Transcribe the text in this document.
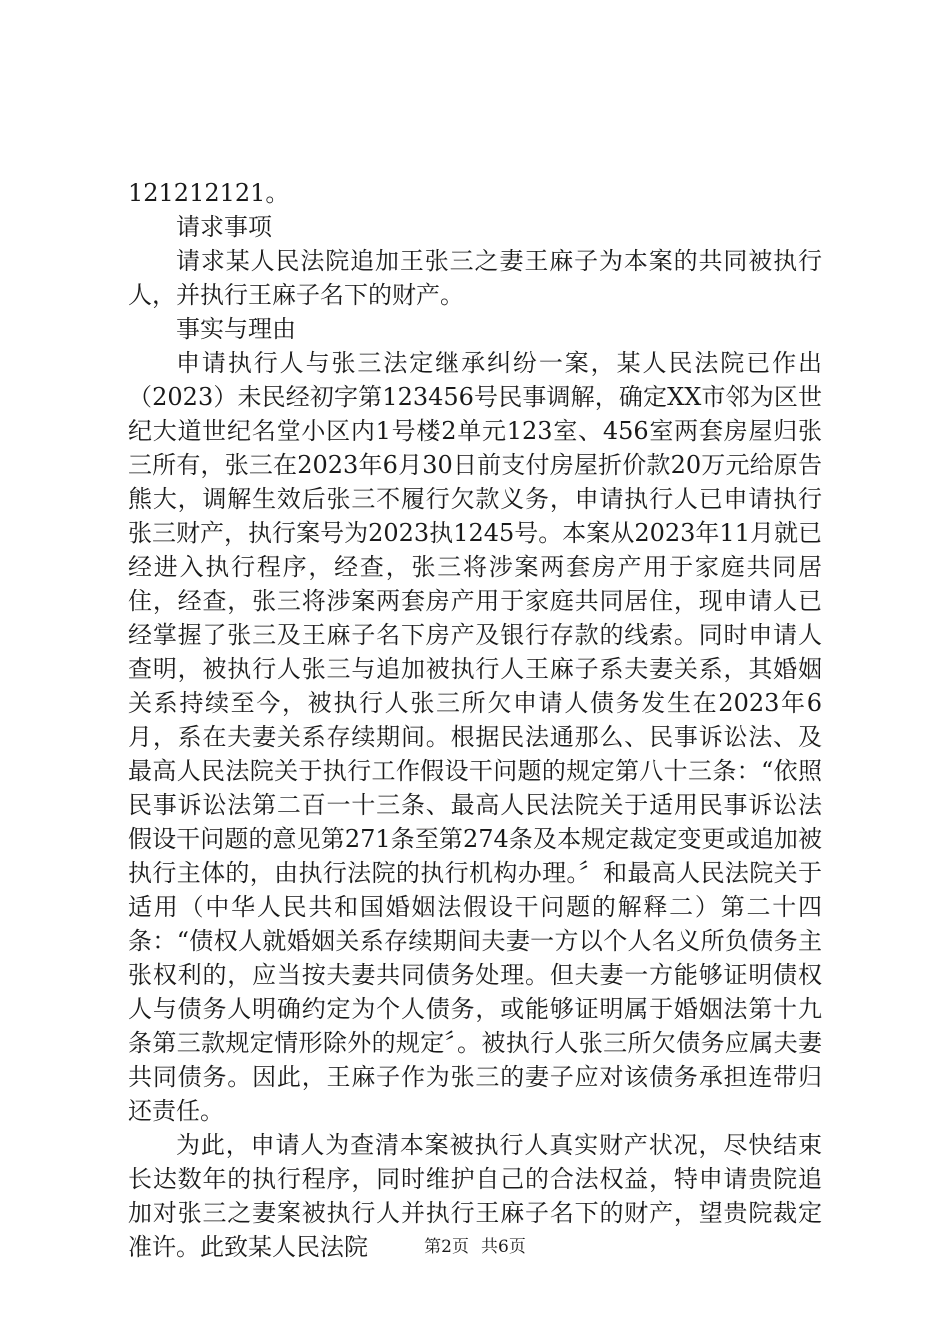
121212121。

请求事项

请求某人民法院追加王张三之妻王麻子为本案的共同被执行人，并执行王麻子名下的财产。

事实与理由

申请执行人与张三法定继承纠纷一案，某人民法院已作出（2023）未民经初字第123456号民事调解，确定XX市邻为区世纪大道世纪名堂小区内1号楼2单元123室、456室两套房屋归张三所有，张三在2023年6月30日前支付房屋折价款20万元给原告熊大，调解生效后张三不履行欠款义务，申请执行人已申请执行张三财产，执行案号为2023执1245号。本案从2023年11月就已经进入执行程序，经查，张三将涉案两套房产用于家庭共同居住，经查，张三将涉案两套房产用于家庭共同居住，现申请人已经掌握了张三及王麻子名下房产及银行存款的线索。同时申请人查明，被执行人张三与追加被执行人王麻子系夫妻关系，其婚姻关系持续至今，被执行人张三所欠申请人债务发生在2023年6月，系在夫妻关系存续期间。根据民法通那么、民事诉讼法、及最高人民法院关于执行工作假设干问题的规定第八十三条：“依照民事诉讼法第二百一十三条、最高人民法院关于适用民事诉讼法假设干问题的意见第271条至第274条及本规定裁定变更或追加被执行主体的，由执行法院的执行机构办理。〞和最高人民法院关于适用（中华人民共和国婚姻法假设干问题的解释二）第二十四条：“债权人就婚姻关系存续期间夫妻一方以个人名义所负债务主张权利的，应当按夫妻共同债务处理。但夫妻一方能够证明债权人与债务人明确约定为个人债务，或能够证明属于婚姻法第十九条第三款规定情形除外的规定〞。被执行人张三所欠债务应属夫妻共同债务。因此，王麻子作为张三的妻子应对该债务承担连带归还责任。

为此，申请人为查清本案被执行人真实财产状况，尽快结束长达数年的执行程序，同时维护自己的合法权益，特申请贵院追加对张三之妻案被执行人并执行王麻子名下的财产，望贵院裁定准许。此致某人民法院	第2页 共6页
